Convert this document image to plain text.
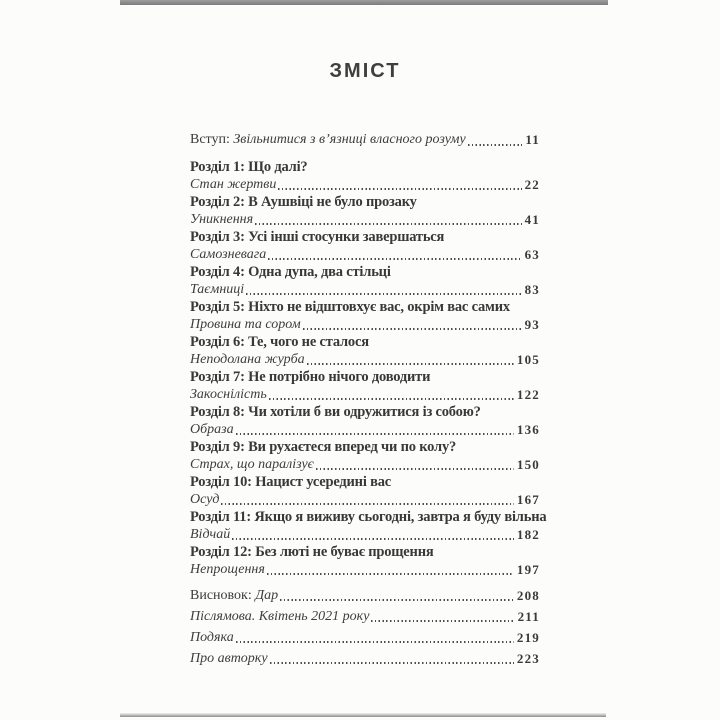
ЗМІСТ
Вступ: Звільнитися з в’язниці власного розуму	11
Розділ 1: Що далі?
Стан жертви	22
Розділ 2: В Аушвіці не було прозаку
Уникнення	41
Розділ 3: Усі інші стосунки завершаться
Самозневага	63
Розділ 4: Одна дупа, два стільці
Таємниці	83
Розділ 5: Ніхто не відштовхує вас, окрім вас самих
Провина та сором	93
Розділ 6: Те, чого не сталося
Неподолана журба	105
Розділ 7: Не потрібно нічого доводити
Закоснілість	122
Розділ 8: Чи хотіли б ви одружитися із собою?
Образа	136
Розділ 9: Ви рухаєтеся вперед чи по колу?
Страх, що паралізує	150
Розділ 10: Нацист усередині вас
Осуд	167
Розділ 11: Якщо я виживу сьогодні, завтра я буду вільна
Відчай	182
Розділ 12: Без люті не буває прощення
Непрощення	197
Висновок: Дар	208
Післямова. Квітень 2021 року	211
Подяка	219
Про авторку	223
